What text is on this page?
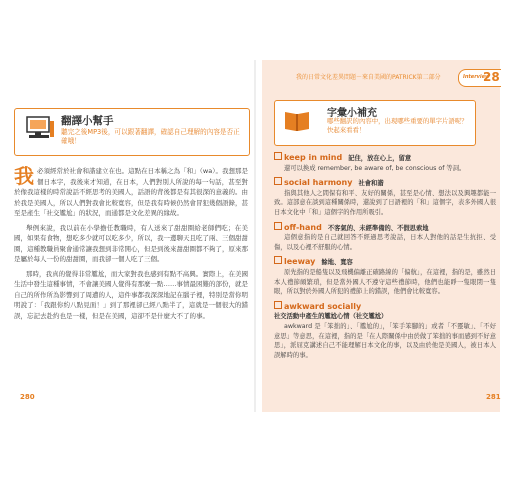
翻譯小幫手
聽完之後MP3後，可以跟著翻譯，確認自己理解的內容是否正確哦！

我必須經常於社會和諧建立在也。這點在日本稱之為「和」（wa）。我想那是個日本字，我後來才知道，在日本，人們對別人所說的每一句話，甚至對於像我這樣的時常說話不經思考的美國人，話語的背後都是有其很深的意義的。由於我是美國人，所以人們對我會比較寬容，但是我有時候仍然會冒犯幾個語錄，甚至是產生「社交尷尬」的狀況，而通都是文化差異的緣故。

舉例來說，我以前在小學擔任教職時，有人送來了甜甜圈給老師們吃；在美國，如果有食物，想吃多少就可以吃多少，所以，我一邊聊天且吃了兩、三個甜甜圈，這種教職員聚會通常讓我想到非常開心，但是到後來甜甜圈都不夠了，原來那是屬於每人一份的甜甜圈，而我卻一個人吃了三個。

那時，我真的覺得非常尷尬，而大家對我也感到有點不高興。實際上，在美國生活中發生這種事情，不會讓美國人覺得有那麼一點……事情最困難的部份，就是自己的所作所為影響到了周遭的人，這件事都我深深地記在腦子裡，特別是當你明明說了：「我跟你約八點見面！」到了那裡卻已經八點半了，這就是一個很大的錯誤，忘記去赴約也是一樣，但是在美國，這卻不是什麼大不了的事。

280
我的日常文化差異問題－來自美國的PATRICK第二部分	Interview
28
字彙小補充
哪些翻訳的內容中，出現哪些重要的單字片語呢？快起來看看！
keep in mind 記住，放在心上，留意

還可以換成 remember, be aware of, be conscious of 等詞。

social harmony 社會和諧

指與其他人之間保有和平、友好的關係，甚至是心情、想法以及興趣都能一致。這部意在談到這種關係時，還說到了日語裡的「和」這個字，表多外國人很日本文化中「和」這個字的作用所吸引。

off-hand 不客氣的、未經準備的、不假思索地

這個意指的是自己就回答不經過思考說話，日本人對他的話是生抗拒、受傷，以及心裡不舒服的心情。

leeway 餘地、寬容

原先指的是船隻以及飛機偏離正確路線的「偏航」，在這裡，指的是，雖然日本人禮節頗繁瑣，但是當外國人不遵守這些禮節時，他們也能睜一隻眼閉一隻眼，所以對於外國人所犯的禮節上的錯誤，他們會比較寬容。

awkward socially
社交活動中產生的尷尬心情（社交尷尬）

awkward 是「笨拙的」、「尷尬的」，「笨手笨腳的」或者「不靈敏」、「不好意思」等意思，在這裡，指的是「在人際關係中由於做了笨拙的事而感到不好意思」，派屈克講述自己不能理解日本文化的事，以及由於他是美國人，被日本人誤解時的事。

281
